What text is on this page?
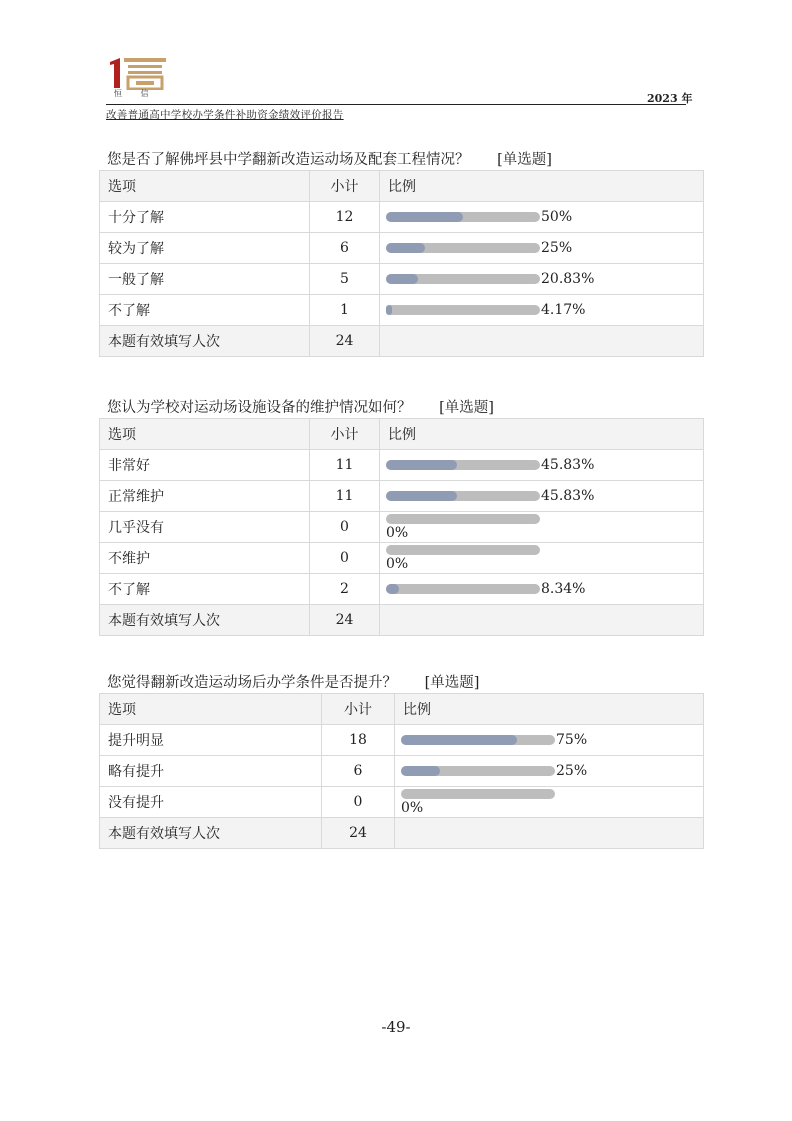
恒 信	2023 年
改善普通高中学校办学条件补助资金绩效评价报告
您是否了解佛坪县中学翻新改造运动场及配套工程情况？      [单选题]
选项	小计	比例
十分了解	12	50%

较为了解	6	25%

一般了解	5	20.83%

不了解	1	4.17%

本题有效填写人次	24	
您认为学校对运动场设施设备的维护情况如何？      [单选题]
选项	小计	比例
非常好	11	45.83%

正常维护	11	45.83%

几乎没有	0	0%

不维护	0	0%

不了解	2	8.34%

本题有效填写人次	24	
您觉得翻新改造运动场后办学条件是否提升？      [单选题]
选项	小计	比例
提升明显	18	75%

略有提升	6	25%

没有提升	0	0%

本题有效填写人次	24	
-49-
